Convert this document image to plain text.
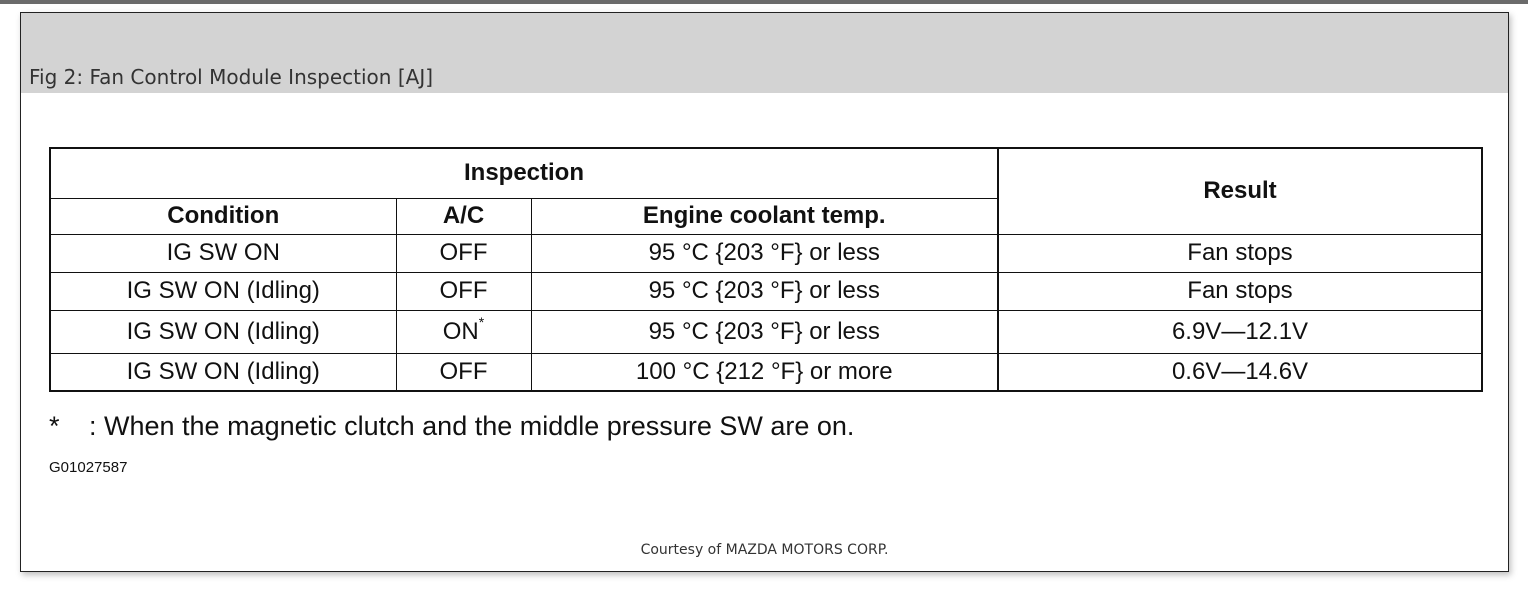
Fig 2: Fan Control Module Inspection [AJ]
Inspection			Result
Condition	A/C	Engine coolant temp.	
IG SW ON	OFF	95 °C {203 °F} or less	Fan stops
IG SW ON (Idling)	OFF	95 °C {203 °F} or less	Fan stops
IG SW ON (Idling)	ON*	95 °C {203 °F} or less	6.9V—12.1V
IG SW ON (Idling)	OFF	100 °C {212 °F} or more	0.6V—14.6V
* : When the magnetic clutch and the middle pressure SW are on.
G01027587
Courtesy of MAZDA MOTORS CORP.
